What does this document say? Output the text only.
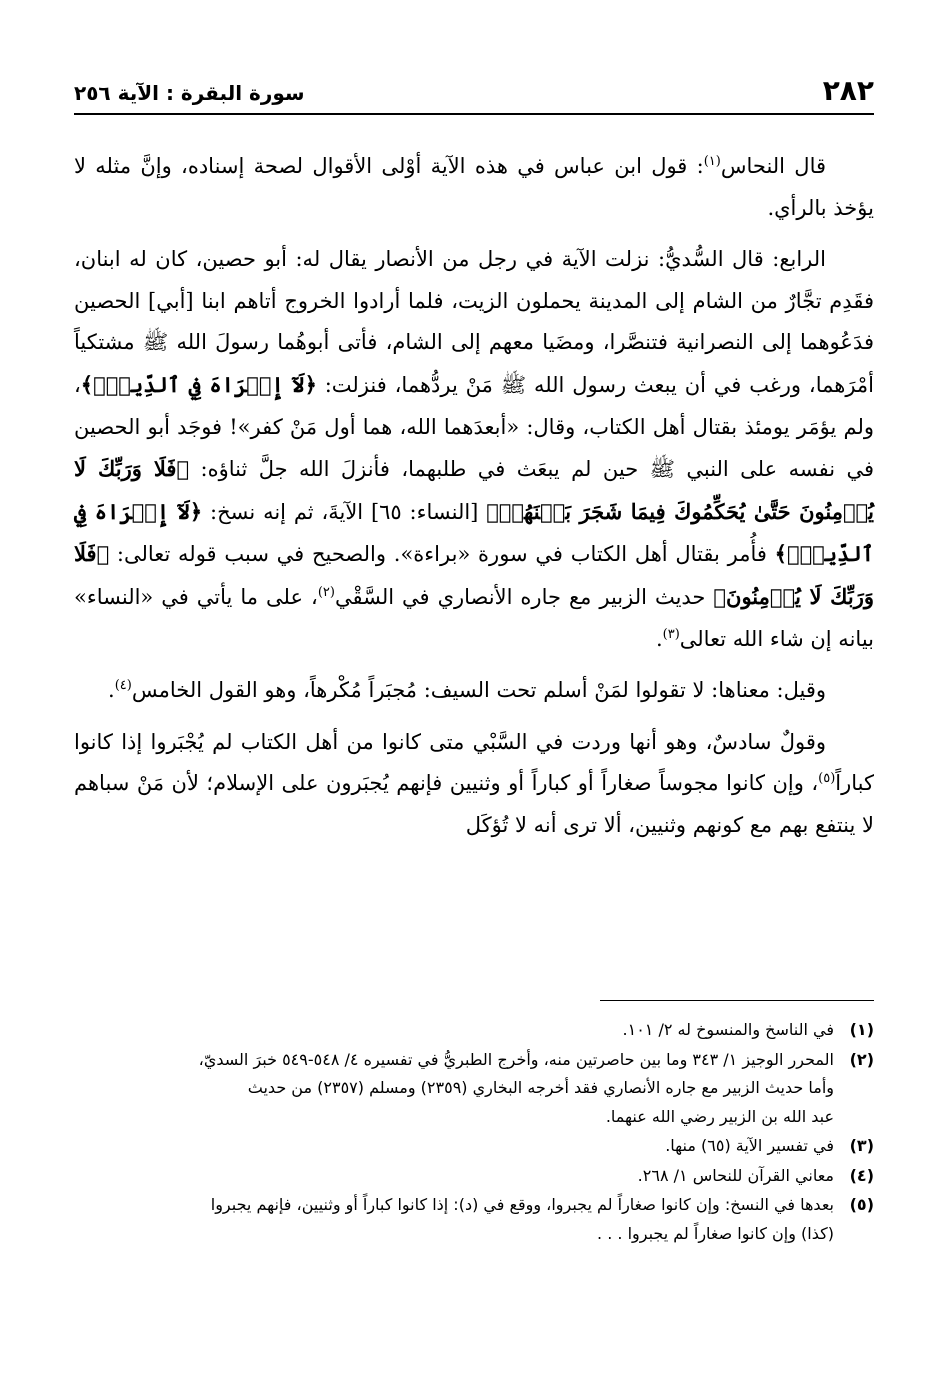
٢٨٢
سورة البقرة : الآية ٢٥٦

قال النحاس$^{(١)}$: قول ابن عباس في هذه الآية أوْلى الأقوال لصحة إسناده، وإنَّ مثله لا يؤخذ بالرأي.

الرابع: قال السُّديُّ: نزلت الآية في رجل من الأنصار يقال له: أبو حصين، كان له ابنان، فقَدِم تجَّارٌ من الشام إلى المدينة يحملون الزيت، فلما أرادوا الخروج أتاهم ابنا [أبي] الحصين فدَعُوهما إلى النصرانية فتنصَّرا، ومضَيا معهم إلى الشام، فأتى أبوهُما رسولَ الله ﷺ مشتكياً أمْرَهما، ورغب في أن يبعث رسول الله ﷺ مَنْ يردُّهما، فنزلت: ﴿لَآ إِكۡرَاهَ فِي ٱلدِّينِۖ﴾، ولم يؤمَر يومئذ بقتال أهل الكتاب، وقال: «أبعدَهما الله، هما أول مَنْ كفر»! فوجَد أبو الحصين في نفسه على النبي ﷺ حين لم يبعَث في طلبهما، فأنزلَ الله جلَّ ثناؤه: ﴿فَلَا وَرَبِّكَ لَا يُؤۡمِنُونَ حَتَّىٰ يُحَكِّمُوكَ فِيمَا شَجَرَ بَيۡنَهُمۡ﴾ [النساء: ٦٥] الآيةَ، ثم إنه نسخ: ﴿لَآ إِكۡرَاهَ فِي ٱلدِّينِۖ﴾ فأُمر بقتال أهل الكتاب في سورة «براءة». والصحيح في سبب قوله تعالى: ﴿فَلَا وَرَبِّكَ لَا يُؤۡمِنُونَ﴾ حديث الزبير مع جاره الأنصاري في السَّقْي$^{(٢)}$، على ما يأتي في «النساء» بيانه إن شاء الله تعالى$^{(٣)}$.

وقيل: معناها: لا تقولوا لمَنْ أسلم تحت السيف: مُجبَراً مُكْرهاً، وهو القول الخامس$^{(٤)}$.

وقولٌ سادسٌ، وهو أنها وردت في السَّبْي متى كانوا من أهل الكتاب لم يُجْبَروا إذا كانوا كباراً$^{(٥)}$، وإن كانوا مجوساً صغاراً أو كباراً أو وثنيين فإنهم يُجبَرون على الإسلام؛ لأن مَنْ سباهم لا ينتفع بهم مع كونهم وثنيين، ألا ترى أنه لا تُؤكَل

(١)
في الناسخ والمنسوخ له ٢/ ١٠١.
(٢)
المحرر الوجيز ١/ ٣٤٣ وما بين حاصرتين منه، وأخرج الطبريُّ في تفسيره ٤/ ٥٤٨-٥٤٩ خبرَ السديّ،
وأما حديث الزبير مع جاره الأنصاري فقد أخرجه البخاري (٢٣٥٩) ومسلم (٢٣٥٧) من حديث
عبد الله بن الزبير رضي الله عنهما.
(٣)
في تفسير الآية (٦٥) منها.
(٤)
معاني القرآن للنحاس ١/ ٢٦٨.
(٥)
بعدها في النسخ: وإن كانوا صغاراً لم يجبروا، ووقع في (د): إذا كانوا كباراً أو وثنيين، فإنهم يجبروا
(كذا) وإن كانوا صغاراً لم يجبروا . . .
